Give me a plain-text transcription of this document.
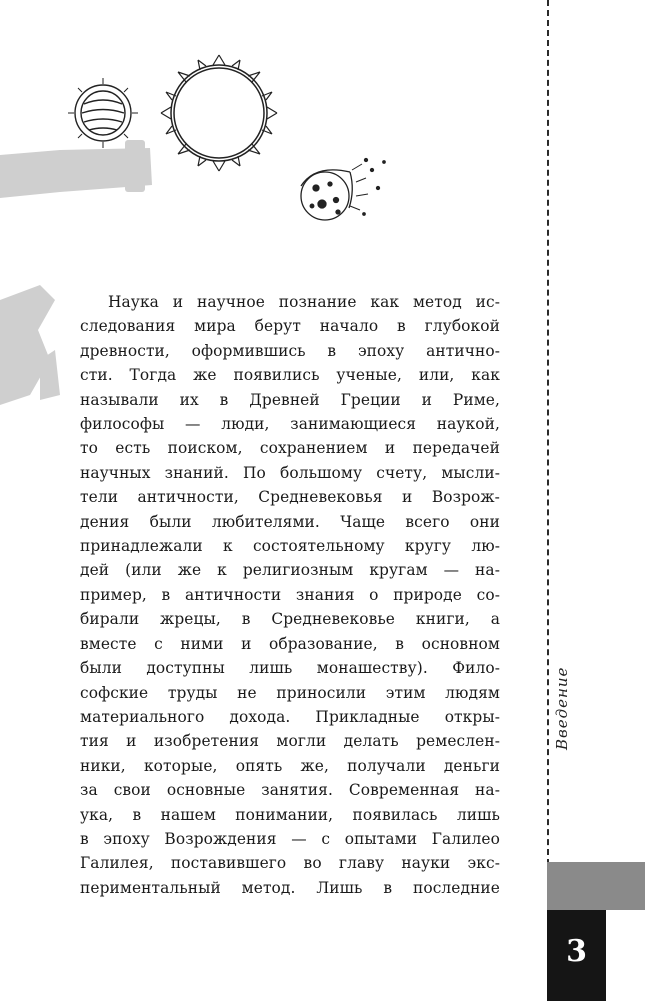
Наука и научное познание как метод ис-
следования мира берут начало в глубокой
древности, оформившись в эпоху антично-
сти. Тогда же появились ученые, или, как
называли их в Древней Греции и Риме,
философы — люди, занимающиеся наукой,
то есть поиском, сохранением и передачей
научных знаний. По большому счету, мысли-
тели античности, Средневековья и Возрож-
дения были любителями. Чаще всего они
принадлежали к состоятельному кругу лю-
дей (или же к религиозным кругам — на-
пример, в античности знания о природе со-
бирали жрецы, в Средневековье книги, а
вместе с ними и образование, в основном
были доступны лишь монашеству). Фило-
софские труды не приносили этим людям
материального дохода. Прикладные откры-
тия и изобретения могли делать ремеслен-
ники, которые, опять же, получали деньги
за свои основные занятия. Современная на-
ука, в нашем понимании, появилась лишь
в эпоху Возрождения — с опытами Галилео
Галилея, поставившего во главу науки экс-
периментальный метод. Лишь в последние
Введение
3
